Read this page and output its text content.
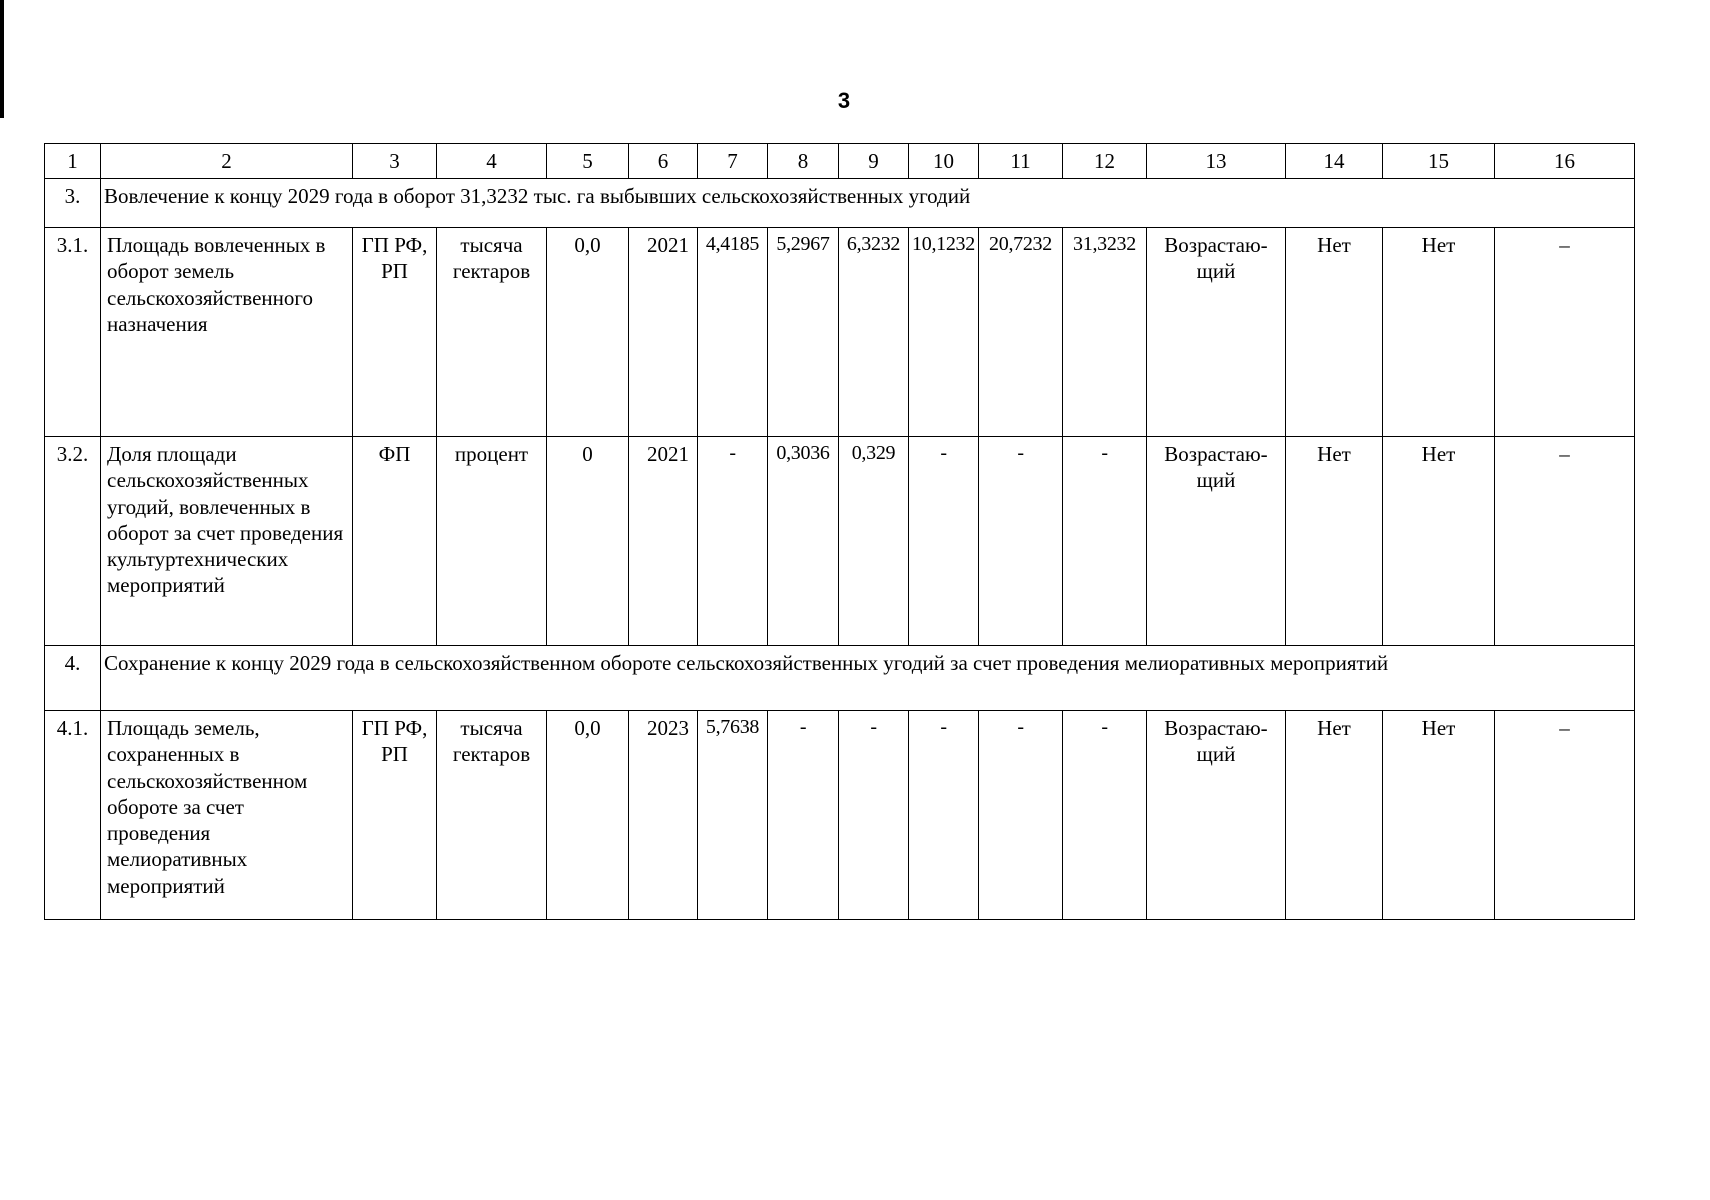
3
1	2	3	4	5	6	7	8	9	10	11	12	13	14	15	16
3.	Вовлечение к концу 2029 года в оборот 31,3232 тыс. га выбывших сельскохозяйственных угодий														
3.1.	Площадь вовлеченных в оборот земель сельскохозяйственного назначения	ГП РФ, РП	тысяча гектаров	0,0	2021	4,4185	5,2967	6,3232	10,1232	20,7232	31,3232	Возрастаю-щий	Нет	Нет	–
3.2.	Доля площади сельскохозяйственных угодий, вовлеченных в оборот за счет проведения культуртехнических мероприятий	ФП	процент	0	2021	-	0,3036	0,329	-	-	-	Возрастаю-щий	Нет	Нет	–
4.	Сохранение к концу 2029 года в сельскохозяйственном обороте сельскохозяйственных угодий за счет проведения мелиоративных мероприятий														
4.1.	Площадь земель, сохраненных в сельскохозяйственном обороте за счет проведения мелиоративных мероприятий	ГП РФ, РП	тысяча гектаров	0,0	2023	5,7638	-	-	-	-	-	Возрастаю-щий	Нет	Нет	–
